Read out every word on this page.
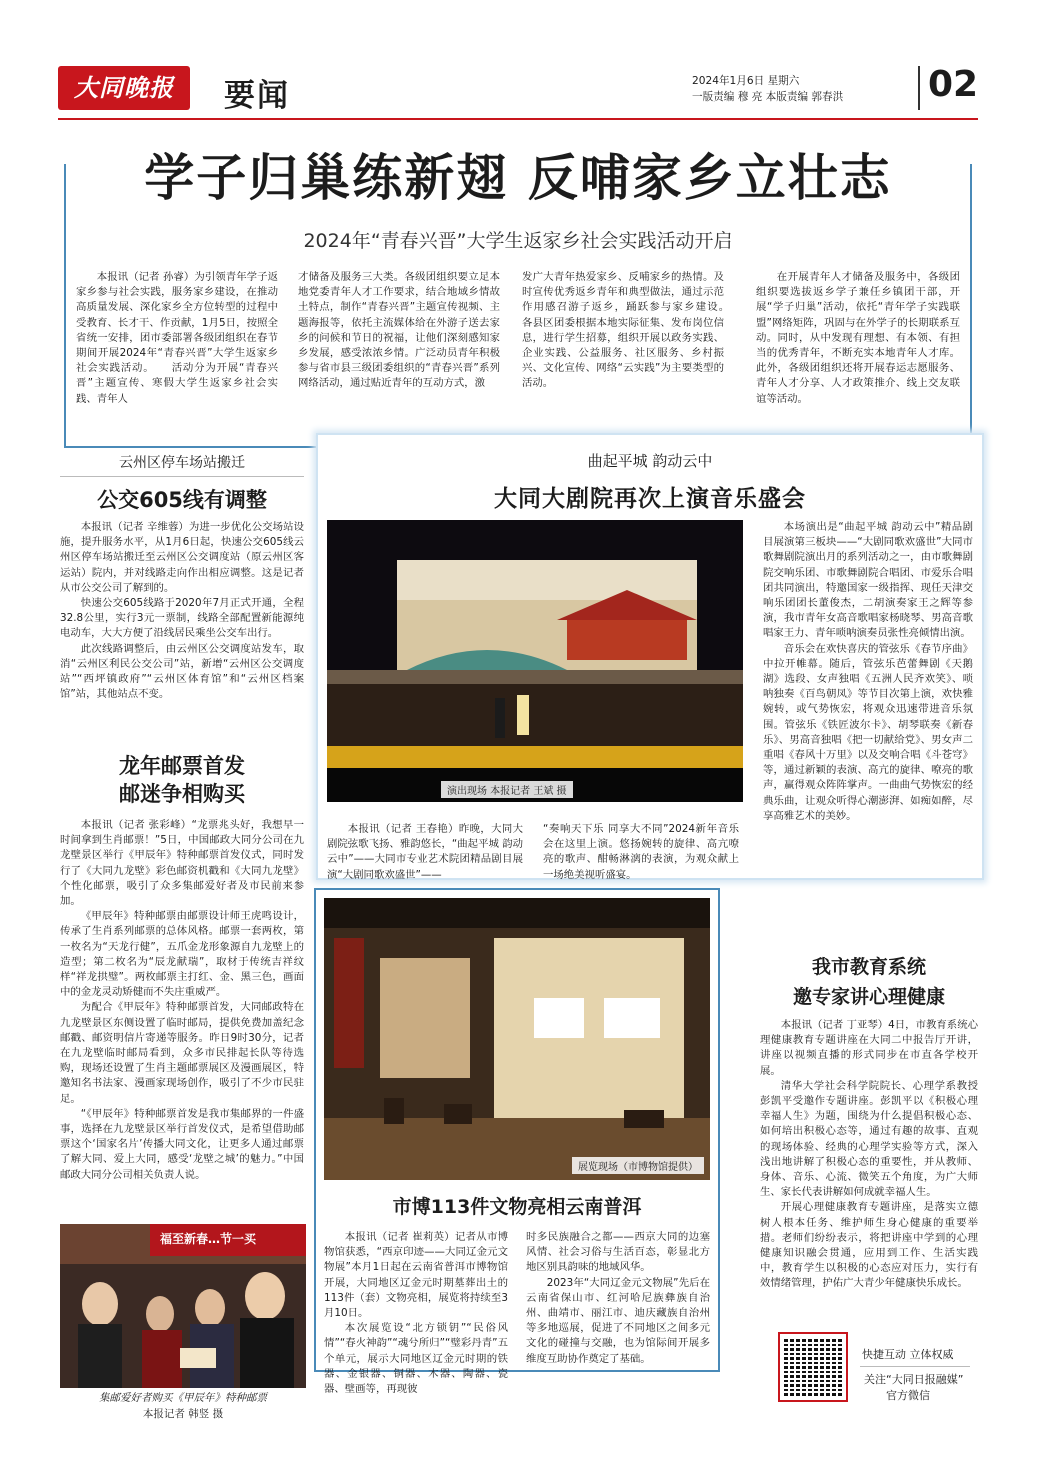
大同晚报	要闻	2024年1月6日 星期六
一版责编 穆 亮 本版责编 郭春洪 02
学子归巢练新翅 反哺家乡立壮志
2024年“青春兴晋”大学生返家乡社会实践活动开启

本报讯（记者 孙睿）为引领青年学子返家乡参与社会实践，服务家乡建设，在推动高质量发展、深化家乡全方位转型的过程中受教育、长才干、作贡献，1月5日，按照全省统一安排，团市委部署各级团组织在春节期间开展2024年“青春兴晋”大学生返家乡社会实践活动。　　活动分为开展“青春兴晋”主题宣传、寒假大学生返家乡社会实践、青年人

才储备及服务三大类。各级团组织要立足本地党委青年人才工作要求，结合地域乡情故土特点，制作“青春兴晋”主题宣传视频、主题海报等，依托主流媒体给在外游子送去家乡的问候和节日的祝福，让他们深刻感知家乡发展，感受浓浓乡情。广泛动员青年积极参与省市县三级团委组织的“青春兴晋”系列网络活动，通过贴近青年的互动方式，激

发广大青年热爱家乡、反哺家乡的热情。及时宣传优秀返乡青年和典型做法，通过示范作用感召游子返乡，踊跃参与家乡建设。　　各县区团委根据本地实际征集、发布岗位信息，进行学生招募，组织开展以政务实践、企业实践、公益服务、社区服务、乡村振兴、文化宣传、网络“云实践”为主要类型的活动。

在开展青年人才储备及服务中，各级团组织要选拔返乡学子兼任乡镇团干部，开展“学子归巢”活动，依托“青年学子实践联盟”网络矩阵，巩固与在外学子的长期联系互动。同时，从中发现有理想、有本领、有担当的优秀青年，不断充实本地青年人才库。此外，各级团组织还将开展春运志愿服务、青年人才分享、人才政策推介、线上交友联谊等活动。

云州区停车场站搬迁
公交605线有调整

本报讯（记者 辛维蓉）为进一步优化公交场站设施，提升服务水平，从1月6日起，快速公交605线云州区停车场站搬迁至云州区公交调度站（原云州区客运站）院内，并对线路走向作出相应调整。这是记者从市公交公司了解到的。

快速公交605线路于2020年7月正式开通，全程32.8公里，实行3元一票制，线路全部配置新能源纯电动车，大大方便了沿线居民乘坐公交车出行。

此次线路调整后，由云州区公交调度站发车，取消“云州区利民公交公司”站，新增“云州区公交调度站”“西坪镇政府”“云州区体育馆”和“云州区档案馆”站，其他站点不变。

龙年邮票首发
邮迷争相购买

本报讯（记者 张彩峰）“龙票兆头好，我想早一时间拿到生肖邮票！”5日，中国邮政大同分公司在九龙壁景区举行《甲辰年》特种邮票首发仪式，同时发行了《大同九龙壁》彩色邮资机戳和《大同九龙壁》个性化邮票，吸引了众多集邮爱好者及市民前来参加。

《甲辰年》特种邮票由邮票设计师王虎鸣设计，传承了生肖系列邮票的总体风格。邮票一套两枚，第一枚名为“天龙行健”，五爪金龙形象源自九龙壁上的造型；第二枚名为“辰龙献瑞”，取材于传统吉祥纹样“祥龙拱璧”。两枚邮票主打红、金、黑三色，画面中的金龙灵动矫健而不失庄重威严。

为配合《甲辰年》特种邮票首发，大同邮政特在九龙壁景区东侧设置了临时邮局，提供免费加盖纪念邮戳、邮资明信片寄递等服务。昨日9时30分，记者在九龙壁临时邮局看到，众多市民排起长队等待选购，现场还设置了生肖主题邮票展区及漫画展区，特邀知名书法家、漫画家现场创作，吸引了不少市民驻足。

“《甲辰年》特种邮票首发是我市集邮界的一件盛事，选择在九龙壁景区举行首发仪式，是希望借助邮票这个‘国家名片’传播大同文化，让更多人通过邮票了解大同、爱上大同，感受‘龙壁之城’的魅力。”中国邮政大同分公司相关负责人说。

福至新春…节一买
集邮爱好者购买《甲辰年》特种邮票
本报记者 韩竖 摄
曲起平城 韵动云中
大同大剧院再次上演音乐盛会
演出现场 本报记者 王斌 摄

本报讯（记者 王春艳）昨晚，大同大剧院弦歌飞扬、雅韵悠长，“曲起平城 韵动云中”——大同市专业艺术院团精品剧目展演“大剧同歌欢盛世”——

“奏响天下乐 同享大不同”2024新年音乐会在这里上演。悠扬婉转的旋律、高亢嘹亮的歌声、酣畅淋漓的表演，为观众献上一场绝美视听盛宴。

本场演出是“曲起平城 韵动云中”精品剧目展演第三板块——“大剧同歌欢盛世”大同市歌舞剧院演出月的系列活动之一，由市歌舞剧院交响乐团、市歌舞剧院合唱团、市爱乐合唱团共同演出，特邀国家一级指挥、现任天津交响乐团团长董俊杰，二胡演奏家王之辉等参演，我市青年女高音歌唱家杨晓琴、男高音歌唱家王力、青年唢呐演奏员张性亮倾情出演。

音乐会在欢快喜庆的管弦乐《春节序曲》中拉开帷幕。随后，管弦乐芭蕾舞剧《天鹅湖》选段、女声独唱《五洲人民齐欢笑》、唢呐独奏《百鸟朝凤》等节目次第上演，欢快雅婉转，或气势恢宏，将观众迅速带进音乐氛围。管弦乐《铁匠波尔卡》、胡琴联奏《新春乐》、男高音独唱《把一切献给党》、男女声二重唱《春风十万里》以及交响合唱《斗苍穹》等，通过新颖的表演、高亢的旋律、嘹亮的歌声，赢得观众阵阵掌声。一曲曲气势恢宏的经典乐曲，让观众听得心潮澎湃、如痴如醉，尽享高雅艺术的美妙。

展览现场（市博物馆提供）
市博113件文物亮相云南普洱

本报讯（记者 崔莉英）记者从市博物馆获悉，“西京印迹——大同辽金元文物展”本月1日起在云南省普洱市博物馆开展，大同地区辽金元时期墓葬出土的113件（套）文物亮相，展览将持续至3月10日。

本次展览设“北方锁钥”“民俗风情”“春火神韵”“魂兮所归”“璧彩丹青”五个单元，展示大同地区辽金元时期的铁器、金银器、铜器、木器、陶器、瓷器、壁画等，再现彼

时多民族融合之都——西京大同的边塞风情、社会习俗与生活百态，彰显北方地区别具韵味的地域风华。

2023年“大同辽金元文物展”先后在云南省保山市、红河哈尼族彝族自治州、曲靖市、丽江市、迪庆藏族自治州等多地巡展，促进了不同地区之间多元文化的碰撞与交融，也为馆际间开展多维度互助协作奠定了基础。

我市教育系统
邀专家讲心理健康

本报讯（记者 丁亚琴）4日，市教育系统心理健康教育专题讲座在大同二中报告厅开讲，讲座以视频直播的形式同步在市直各学校开展。

清华大学社会科学院院长、心理学系教授彭凯平受邀作专题讲座。彭凯平以《积极心理 幸福人生》为题，围绕为什么提倡积极心态、如何培出积极心态等，通过有趣的故事、直观的现场体验、经典的心理学实验等方式，深入浅出地讲解了积极心态的重要性，并从教师、身体、音乐、心流、微笑五个角度，为广大师生、家长代表讲解如何成就幸福人生。

开展心理健康教育专题讲座，是落实立德树人根本任务、维护师生身心健康的重要举措。老师们纷纷表示，将把讲座中学到的心理健康知识融会贯通，应用到工作、生活实践中，教育学生以积极的心态应对压力，实行有效情绪管理，护佑广大青少年健康快乐成长。

快捷互动 立体权威
关注“大同日报融媒”
官方微信
